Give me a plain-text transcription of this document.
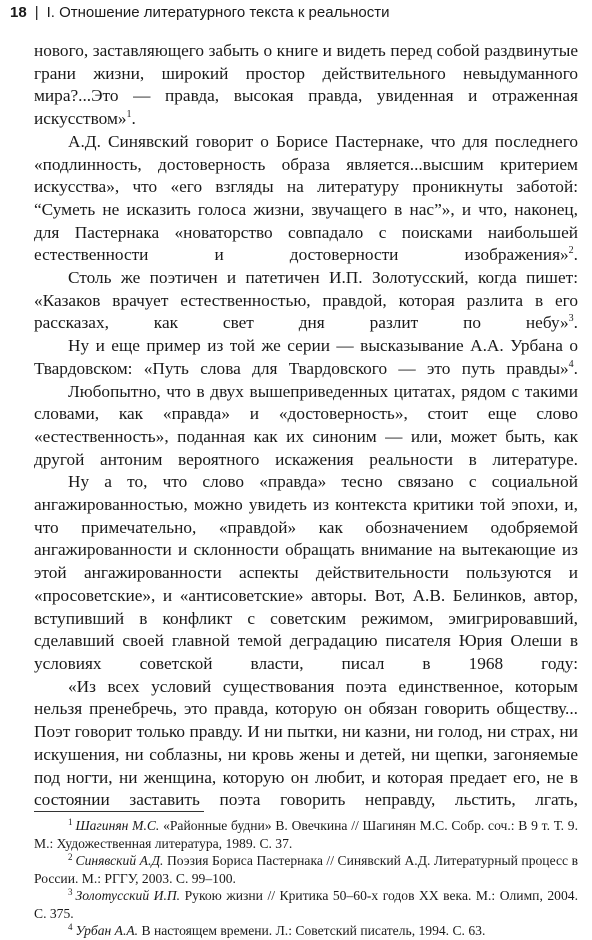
18 | I. Отношение литературного текста к реальности

нового, заставляющего забыть о книге и видеть перед собой раздвинутые грани жизни, широкий простор действительного невыдуманного мира?...Это — правда, высокая правда, увиденная и отраженная искусством»$^1$.

А.Д. Синявский говорит о Борисе Пастернаке, что для последнего «подлинность, достоверность образа является...высшим критерием искусства», что «его взгляды на литературу проникнуты заботой: “Суметь не исказить голоса жизни, звучащего в нас”», и что, наконец, для Пастернака «новаторство совпадало с поисками наибольшей естественности и достоверности изображения»$^2$.

Столь же поэтичен и патетичен И.П. Золотусский, когда пишет: «Казаков врачует естественностью, правдой, которая разлита в его рассказах, как свет дня разлит по небу»$^3$.

Ну и еще пример из той же серии — высказывание А.А. Урбана о Твардовском: «Путь слова для Твардовского — это путь правды»$^4$.

Любопытно, что в двух вышеприведенных цитатах, рядом с такими словами, как «правда» и «достоверность», стоит еще слово «естественность», поданная как их синоним — или, может быть, как другой антоним вероятного искажения реальности в литературе.

Ну а то, что слово «правда» тесно связано с социальной ангажированностью, можно увидеть из контекста критики той эпохи, и, что примечательно, «правдой» как обозначением одобряемой ангажированности и склонности обращать внимание на вытекающие из этой ангажированности аспекты действительности пользуются и «просоветские», и «антисоветские» авторы. Вот, А.В. Белинков, автор, вступивший в конфликт с советским режимом, эмигрировавший, сделавший своей главной темой деградацию писателя Юрия Олеши в условиях советской власти, писал в 1968 году:

«Из всех условий существования поэта единственное, которым нельзя пренебречь, это правда, которую он обязан говорить обществу... Поэт говорит только правду. И ни пытки, ни казни, ни голод, ни страх, ни искушения, ни соблазны, ни кровь жены и детей, ни щепки, загоняемые под ногти, ни женщина, которую он любит, и которая предает его, не в состоянии заставить поэта говорить неправду, льстить, лгать,

$^1$ Шагинян М.С. «Районные будни» В. Овечкина // Шагинян М.С. Собр. соч.: В 9 т. Т. 9. М.: Художественная литература, 1989. С. 37.

$^2$ Синявский А.Д. Поэзия Бориса Пастернака // Синявский А.Д. Литературный процесс в России. М.: РГГУ, 2003. С. 99–100.

$^3$ Золотусский И.П. Рукою жизни // Критика 50–60-х годов XX века. М.: Олимп, 2004. С. 375.

$^4$ Урбан А.А. В настоящем времени. Л.: Советский писатель, 1994. С. 63.
